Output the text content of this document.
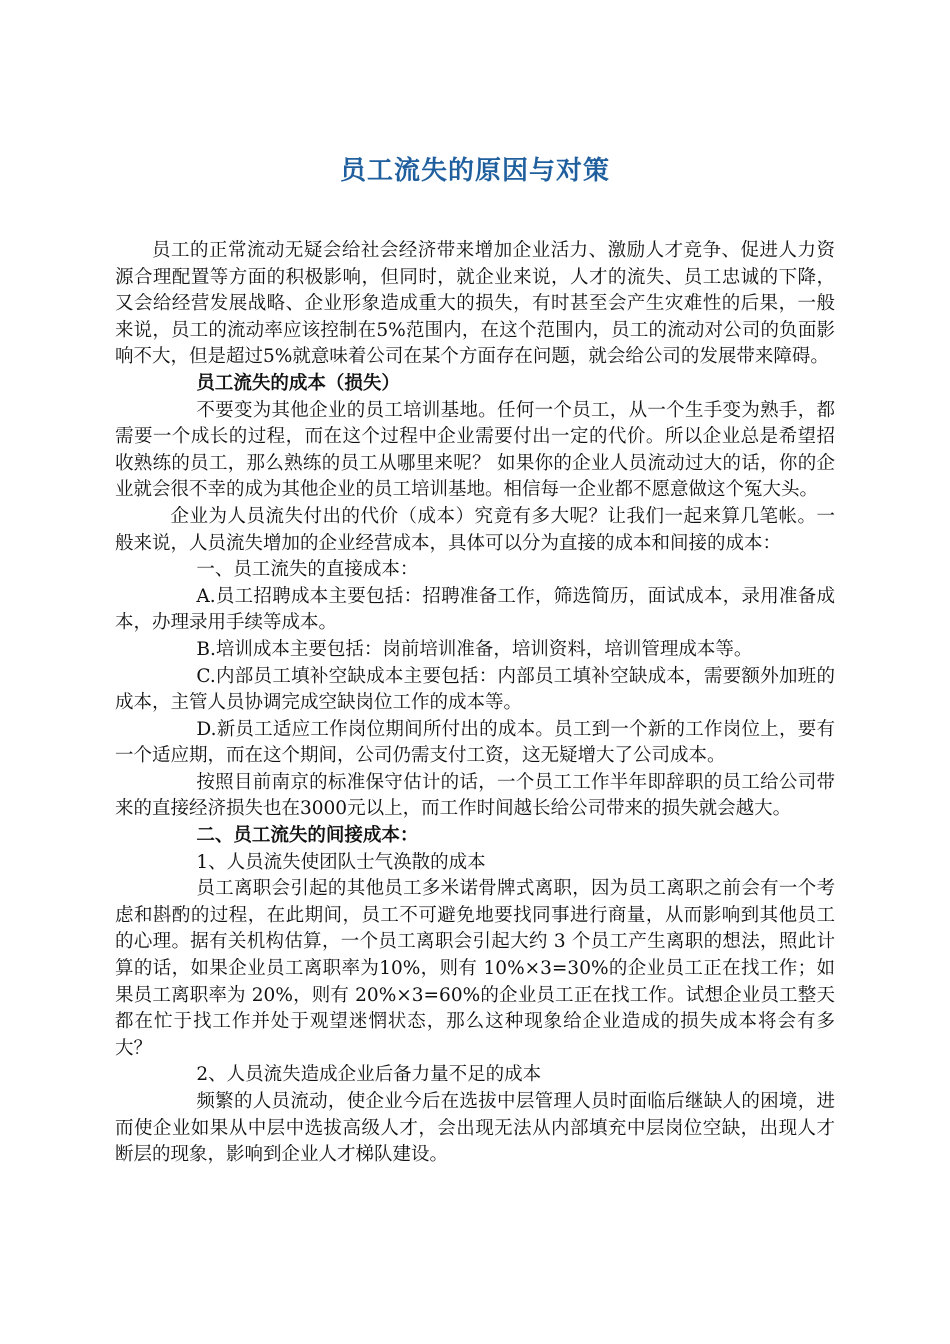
员工流失的原因与对策

员工的正常流动无疑会给社会经济带来增加企业活力、激励人才竞争、促进人力资源合理配置等方面的积极影响，但同时，就企业来说，人才的流失、员工忠诚的下降，又会给经营发展战略、企业形象造成重大的损失，有时甚至会产生灾难性的后果，一般来说，员工的流动率应该控制在5%范围内，在这个范围内，员工的流动对公司的负面影响不大，但是超过5%就意味着公司在某个方面存在问题，就会给公司的发展带来障碍。

员工流失的成本（损失）

不要变为其他企业的员工培训基地。任何一个员工，从一个生手变为熟手，都需要一个成长的过程，而在这个过程中企业需要付出一定的代价。所以企业总是希望招收熟练的员工，那么熟练的员工从哪里来呢？ 如果你的企业人员流动过大的话，你的企业就会很不幸的成为其他企业的员工培训基地。相信每一企业都不愿意做这个冤大头。

企业为人员流失付出的代价（成本）究竟有多大呢？让我们一起来算几笔帐。一般来说，人员流失增加的企业经营成本，具体可以分为直接的成本和间接的成本：

一、员工流失的直接成本：

A.员工招聘成本主要包括：招聘准备工作，筛选简历，面试成本，录用准备成本，办理录用手续等成本。

B.培训成本主要包括：岗前培训准备，培训资料，培训管理成本等。

C.内部员工填补空缺成本主要包括：内部员工填补空缺成本，需要额外加班的成本，主管人员协调完成空缺岗位工作的成本等。

D.新员工适应工作岗位期间所付出的成本。员工到一个新的工作岗位上，要有一个适应期，而在这个期间，公司仍需支付工资，这无疑增大了公司成本。

按照目前南京的标准保守估计的话，一个员工工作半年即辞职的员工给公司带来的直接经济损失也在3000元以上，而工作时间越长给公司带来的损失就会越大。

二、员工流失的间接成本：

1、人员流失使团队士气涣散的成本

员工离职会引起的其他员工多米诺骨牌式离职，因为员工离职之前会有一个考虑和斟酌的过程，在此期间，员工不可避免地要找同事进行商量，从而影响到其他员工的心理。据有关机构估算，一个员工离职会引起大约 3 个员工产生离职的想法，照此计算的话，如果企业员工离职率为10%，则有 10%×3=30%的企业员工正在找工作；如果员工离职率为 20%，则有 20%×3=60%的企业员工正在找工作。试想企业员工整天都在忙于找工作并处于观望迷惘状态，那么这种现象给企业造成的损失成本将会有多大？

2、人员流失造成企业后备力量不足的成本

频繁的人员流动，使企业今后在选拔中层管理人员时面临后继缺人的困境，进而使企业如果从中层中选拔高级人才，会出现无法从内部填充中层岗位空缺，出现人才断层的现象，影响到企业人才梯队建设。
